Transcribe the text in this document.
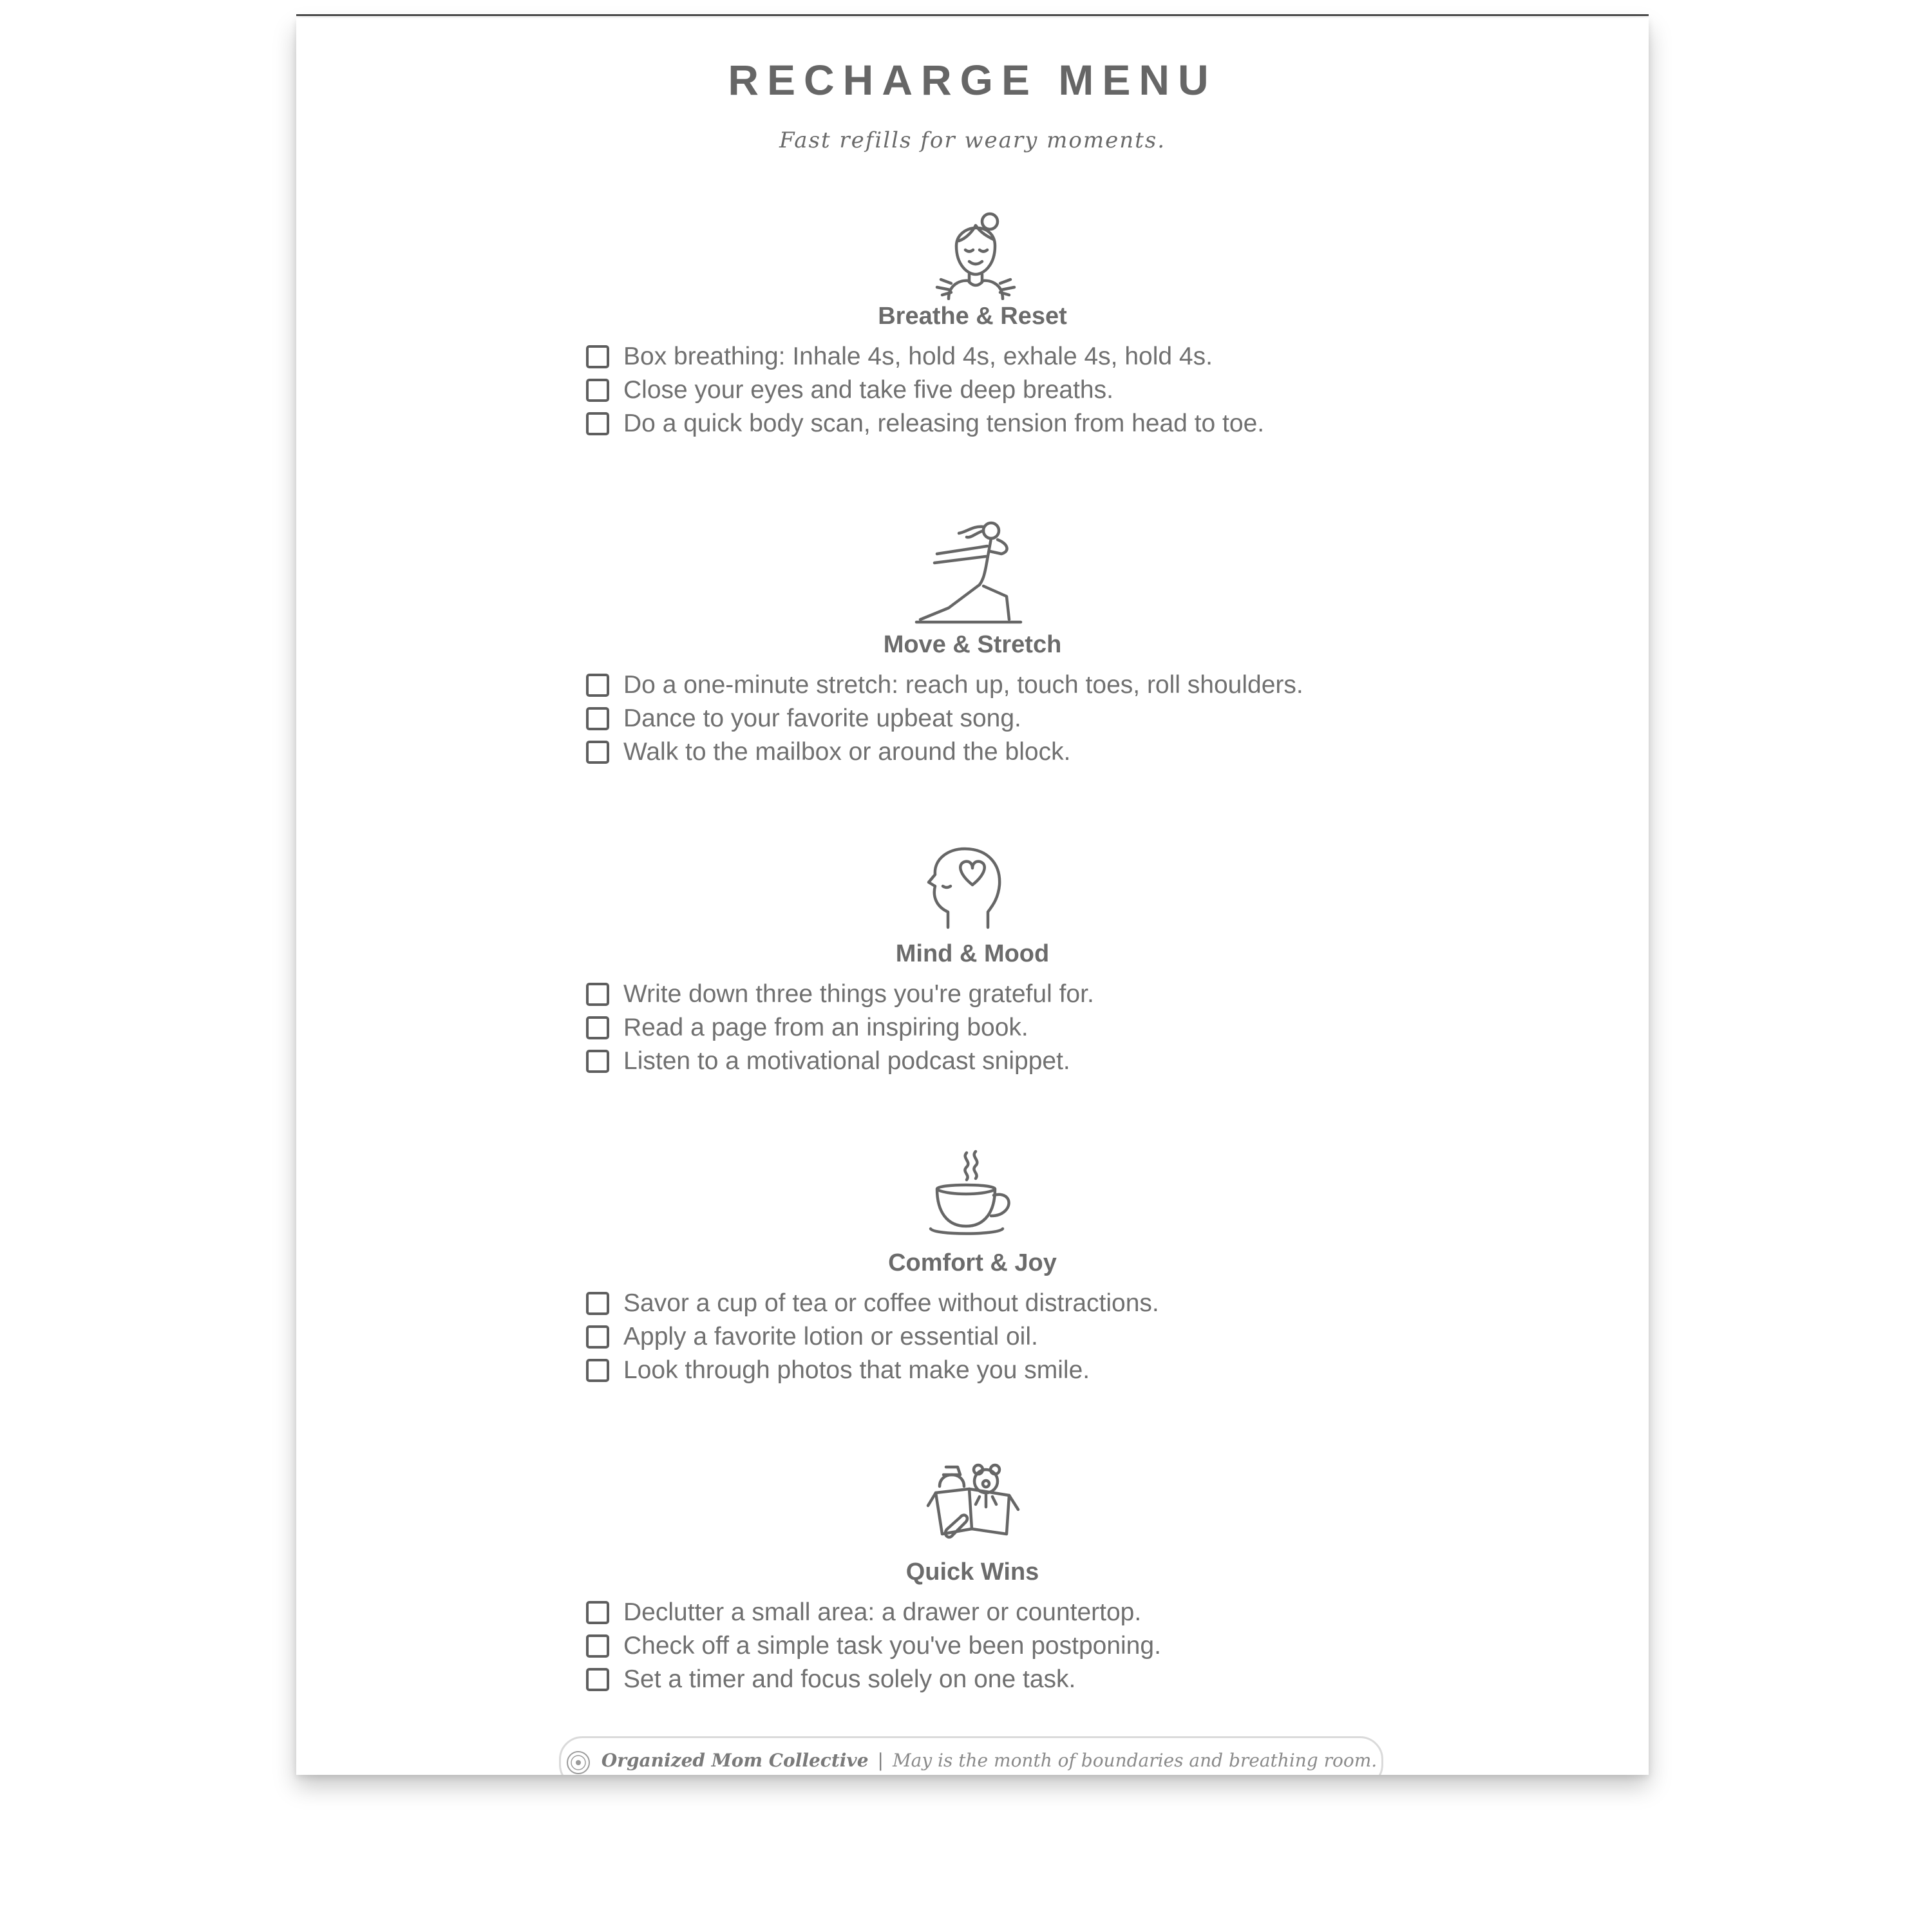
RECHARGE MENU
Fast refills for weary moments.
Breathe & Reset
Box breathing: Inhale 4s, hold 4s, exhale 4s, hold 4s.
Close your eyes and take five deep breaths.
Do a quick body scan, releasing tension from head to toe.
Move & Stretch
Do a one-minute stretch: reach up, touch toes, roll shoulders.
Dance to your favorite upbeat song.
Walk to the mailbox or around the block.
Mind & Mood
Write down three things you're grateful for.
Read a page from an inspiring book.
Listen to a motivational podcast snippet.
Comfort & Joy
Savor a cup of tea or coffee without distractions.
Apply a favorite lotion or essential oil.
Look through photos that make you smile.
Quick Wins
Declutter a small area: a drawer or countertop.
Check off a simple task you've been postponing.
Set a timer and focus solely on one task.
Organized Mom Collective | May is the month of boundaries and breathing room.
